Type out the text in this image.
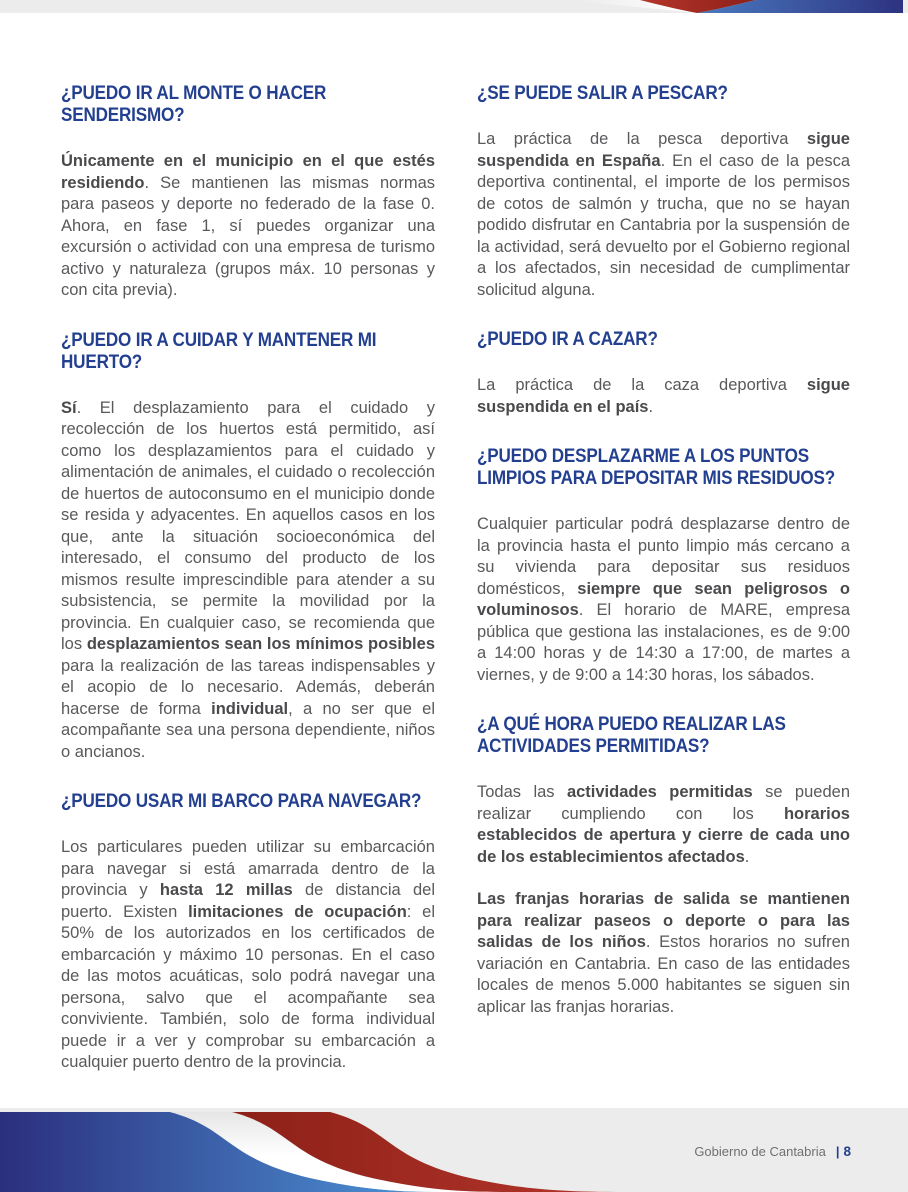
¿PUEDO IR AL MONTE O HACER SENDERISMO?

Únicamente en el municipio en el que estés residiendo. Se mantienen las mismas normas para paseos y deporte no federado de la fase 0. Ahora, en fase 1, sí puedes organizar una excursión o actividad con una empresa de turismo activo y naturaleza (grupos máx. 10 personas y con cita previa).

¿PUEDO IR A CUIDAR Y MANTENER MI HUERTO?

Sí. El desplazamiento para el cuidado y recolección de los huertos está permitido, así como los desplazamientos para el cuidado y alimentación de animales, el cuidado o recolección de huertos de autoconsumo en el municipio donde se resida y adyacentes. En aquellos casos en los que, ante la situación socioeconómica del interesado, el consumo del producto de los mismos resulte imprescindible para atender a su subsistencia, se permite la movilidad por la provincia. En cualquier caso, se recomienda que los desplazamientos sean los mínimos posibles para la realización de las tareas indispensables y el acopio de lo necesario. Además, deberán hacerse de forma individual, a no ser que el acompañante sea una persona dependiente, niños o ancianos.

¿PUEDO USAR MI BARCO PARA NAVEGAR?

Los particulares pueden utilizar su embarcación para navegar si está amarrada dentro de la provincia y hasta 12 millas de distancia del puerto. Existen limitaciones de ocupación: el 50% de los autorizados en los certificados de embarcación y máximo 10 personas. En el caso de las motos acuáticas, solo podrá navegar una persona, salvo que el acompañante sea conviviente. También, solo de forma individual puede ir a ver y comprobar su embarcación a cualquier puerto dentro de la provincia.

¿SE PUEDE SALIR A PESCAR?

La práctica de la pesca deportiva sigue suspendida en España. En el caso de la pesca deportiva continental, el importe de los permisos de cotos de salmón y trucha, que no se hayan podido disfrutar en Cantabria por la suspensión de la actividad, será devuelto por el Gobierno regional a los afectados, sin necesidad de cumplimentar solicitud alguna.

¿PUEDO IR A CAZAR?

La práctica de la caza deportiva sigue suspendida en el país.

¿PUEDO DESPLAZARME A LOS PUNTOS LIMPIOS PARA DEPOSITAR MIS RESIDUOS?

Cualquier particular podrá desplazarse dentro de la provincia hasta el punto limpio más cercano a su vivienda para depositar sus residuos domésticos, siempre que sean peligrosos o voluminosos. El horario de MARE, empresa pública que gestiona las instalaciones, es de 9:00 a 14:00 horas y de 14:30 a 17:00, de martes a viernes, y de 9:00 a 14:30 horas, los sábados.

¿A QUÉ HORA PUEDO REALIZAR LAS ACTIVIDADES PERMITIDAS?

Todas las actividades permitidas se pueden realizar cumpliendo con los horarios establecidos de apertura y cierre de cada uno de los establecimientos afectados.

Las franjas horarias de salida se mantienen para realizar paseos o deporte o para las salidas de los niños. Estos horarios no sufren variación en Cantabria. En caso de las entidades locales de menos 5.000 habitantes se siguen sin aplicar las franjas horarias.

Gobierno de Cantabria | 8
